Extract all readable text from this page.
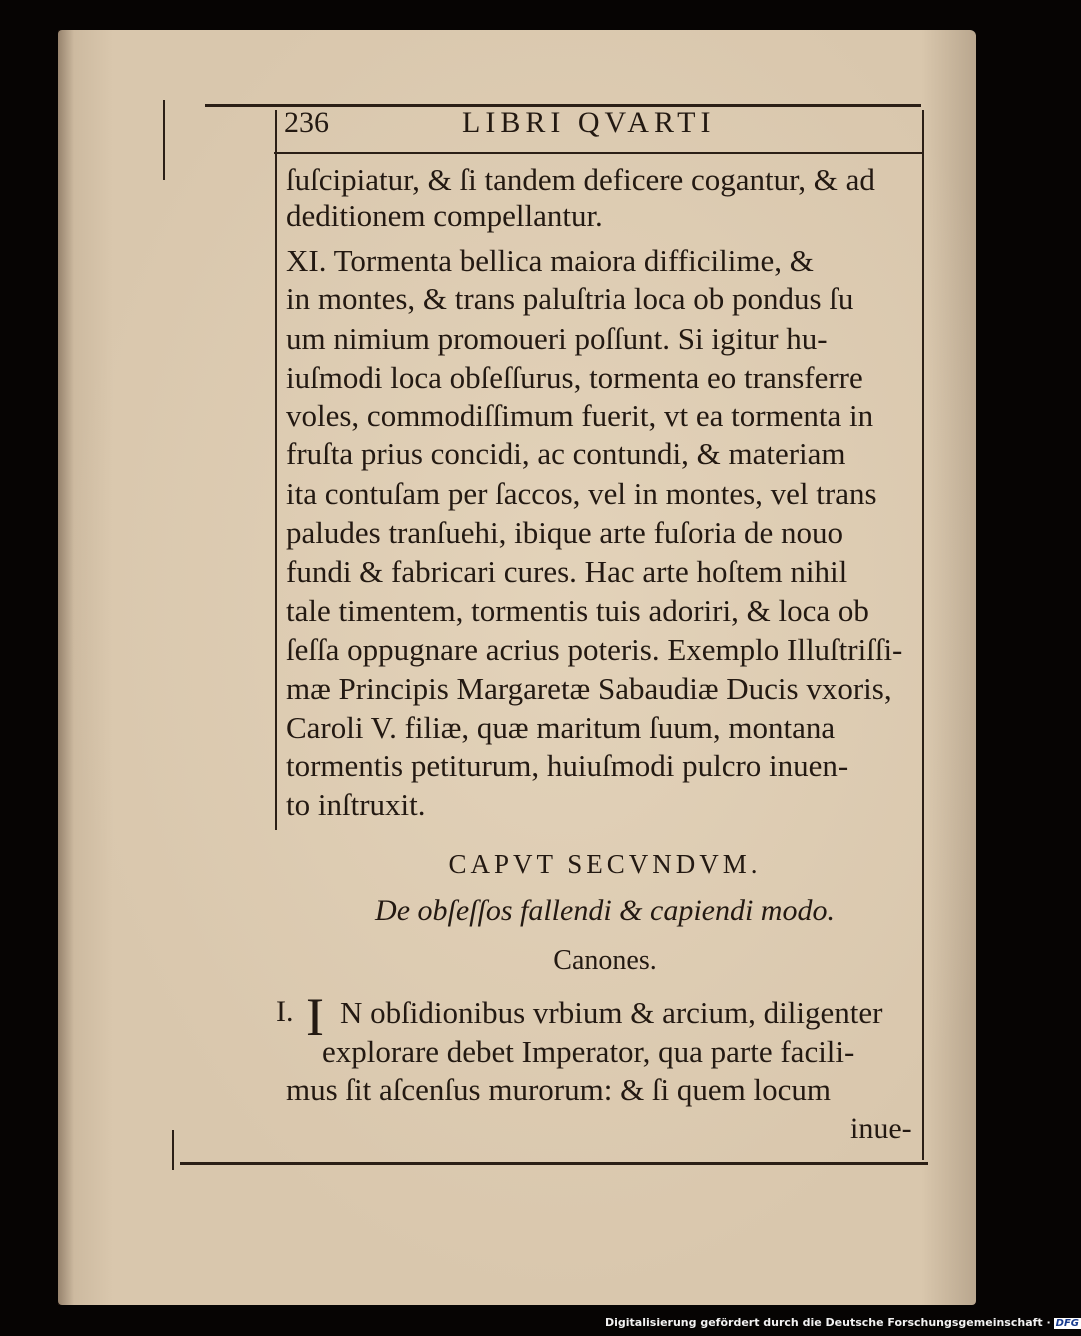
236	LIBRI QVARTI
ſuſcipiatur, & ſi tandem deficere cogantur, & ad
deditionem compellantur.
XI. Tormenta bellica maiora difficilime, &
in montes, & trans paluſtria loca ob pondus ſu
um nimium promoueri poſſunt. Si igitur hu-
iuſmodi loca obſeſſurus, tormenta eo transferre
voles, commodiſſimum fuerit, vt ea tormenta in
fruſta prius concidi, ac contundi, & materiam
ita contuſam per ſaccos, vel in montes, vel trans
paludes tranſuehi, ibique arte fuſoria de nouo
fundi & fabricari cures. Hac arte hoſtem nihil
tale timentem, tormentis tuis adoriri, & loca ob
ſeſſa oppugnare acrius poteris. Exemplo Illuſtriſſi-
mæ Principis Margaretæ Sabaudiæ Ducis vxoris,
Caroli V. filiæ, quæ maritum ſuum, montana
tormentis petiturum, huiuſmodi pulcro inuen-
to inſtruxit.
CAPVT SECVNDVM.
De obſeſſos fallendi & capiendi modo.
Canones.
I. I N obſidionibus vrbium & arcium, diligenter
explorare debet Imperator, qua parte facili-
mus ſit aſcenſus murorum: & ſi quem locum
inue-
Digitalisierung gefördert durch die Deutsche Forschungsgemeinschaft · DFG
